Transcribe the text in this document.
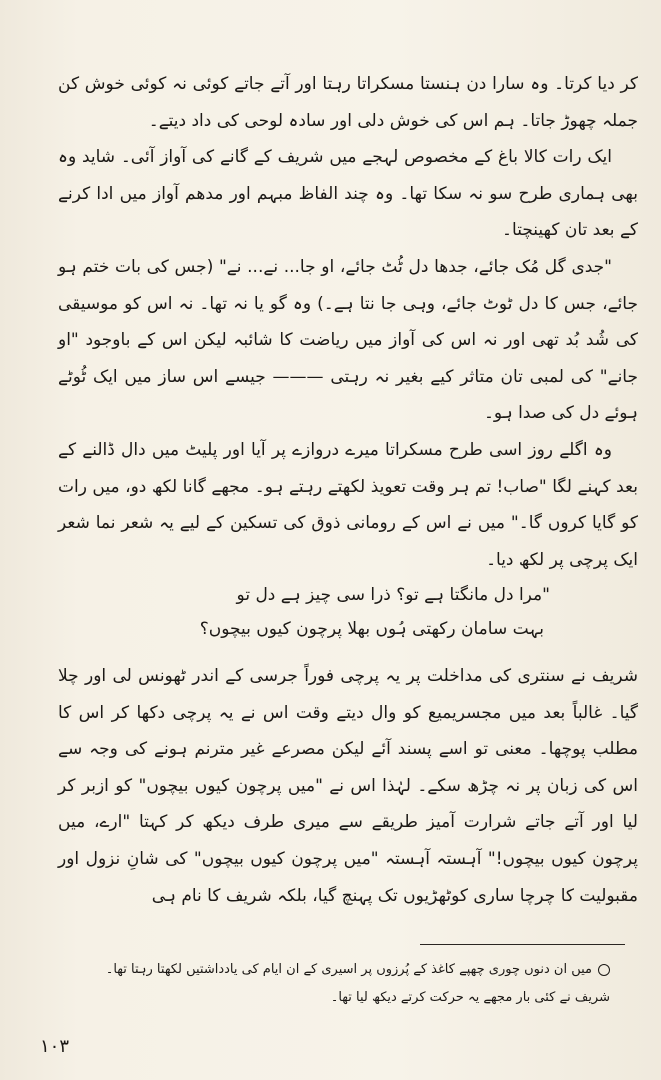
کر دیا کرتا۔ وہ سارا دن ہنستا مسکراتا رہتا اور آتے جاتے کوئی نہ کوئی خوش کن جملہ چھوڑ جاتا۔ ہم اس کی خوش دلی اور سادہ لوحی کی داد دیتے۔

ایک رات کالا باغ کے مخصوص لہجے میں شریف کے گانے کی آواز آئی۔ شاید وہ بھی ہماری طرح سو نہ سکا تھا۔ وہ چند الفاظ مبہم اور مدھم آواز میں ادا کرنے کے بعد تان کھینچتا۔

"جدی گل مُک جائے، جدھا دل ٹُٹ جائے، او جا... نے... نے" (جس کی بات ختم ہو جائے، جس کا دل ٹوٹ جائے، وہی جا نتا ہے۔) وہ گو یا نہ تھا۔ نہ اس کو موسیقی کی شُد بُد تھی اور نہ اس کی آواز میں ریاضت کا شائبہ لیکن اس کے باوجود "او جانے" کی لمبی تان متاثر کیے بغیر نہ رہتی ——— جیسے اس ساز میں ایک ٹُوٹے ہوئے دل کی صدا ہو۔

وہ اگلے روز اسی طرح مسکراتا میرے دروازے پر آیا اور پلیٹ میں دال ڈالنے کے بعد کہنے لگا "صاب! تم ہر وقت تعویذ لکھتے رہتے ہو۔ مجھے گانا لکھ دو، میں رات کو گایا کروں گا۔" میں نے اس کے رومانی ذوق کی تسکین کے لیے یہ شعر نما شعر ایک پرچی پر لکھ دیا۔

"مرا دل مانگتا ہے تو؟ ذرا سی چیز ہے دل تو
بہت سامان رکھتی ہُوں بھلا پرچون کیوں بیچوں؟

شریف نے سنتری کی مداخلت پر یہ پرچی فوراً جرسی کے اندر ٹھونس لی اور چلا گیا۔ غالباً بعد میں مجسریمیع کو وال دیتے وقت اس نے یہ پرچی دکھا کر اس کا مطلب پوچھا۔ معنی تو اسے پسند آئے لیکن مصرعے غیر مترنم ہونے کی وجہ سے اس کی زبان پر نہ چڑھ سکے۔ لہٰذا اس نے "میں پرچون کیوں بیچوں" کو ازبر کر لیا اور آتے جاتے شرارت آمیز طریقے سے میری طرف دیکھ کر کہتا "ارے، میں پرچون کیوں بیچوں!" آہستہ آہستہ "میں پرچون کیوں بیچوں" کی شانِ نزول اور مقبولیت کا چرچا ساری کوٹھڑیوں تک پہنچ گیا، بلکہ شریف کا نام ہی

میں ان دنوں چوری چھپے کاغذ کے پُرزوں پر اسیری کے ان ایام کی یادداشتیں لکھتا رہتا تھا۔ شریف نے کئی بار مجھے یہ حرکت کرتے دیکھ لیا تھا۔
۱۰۳
